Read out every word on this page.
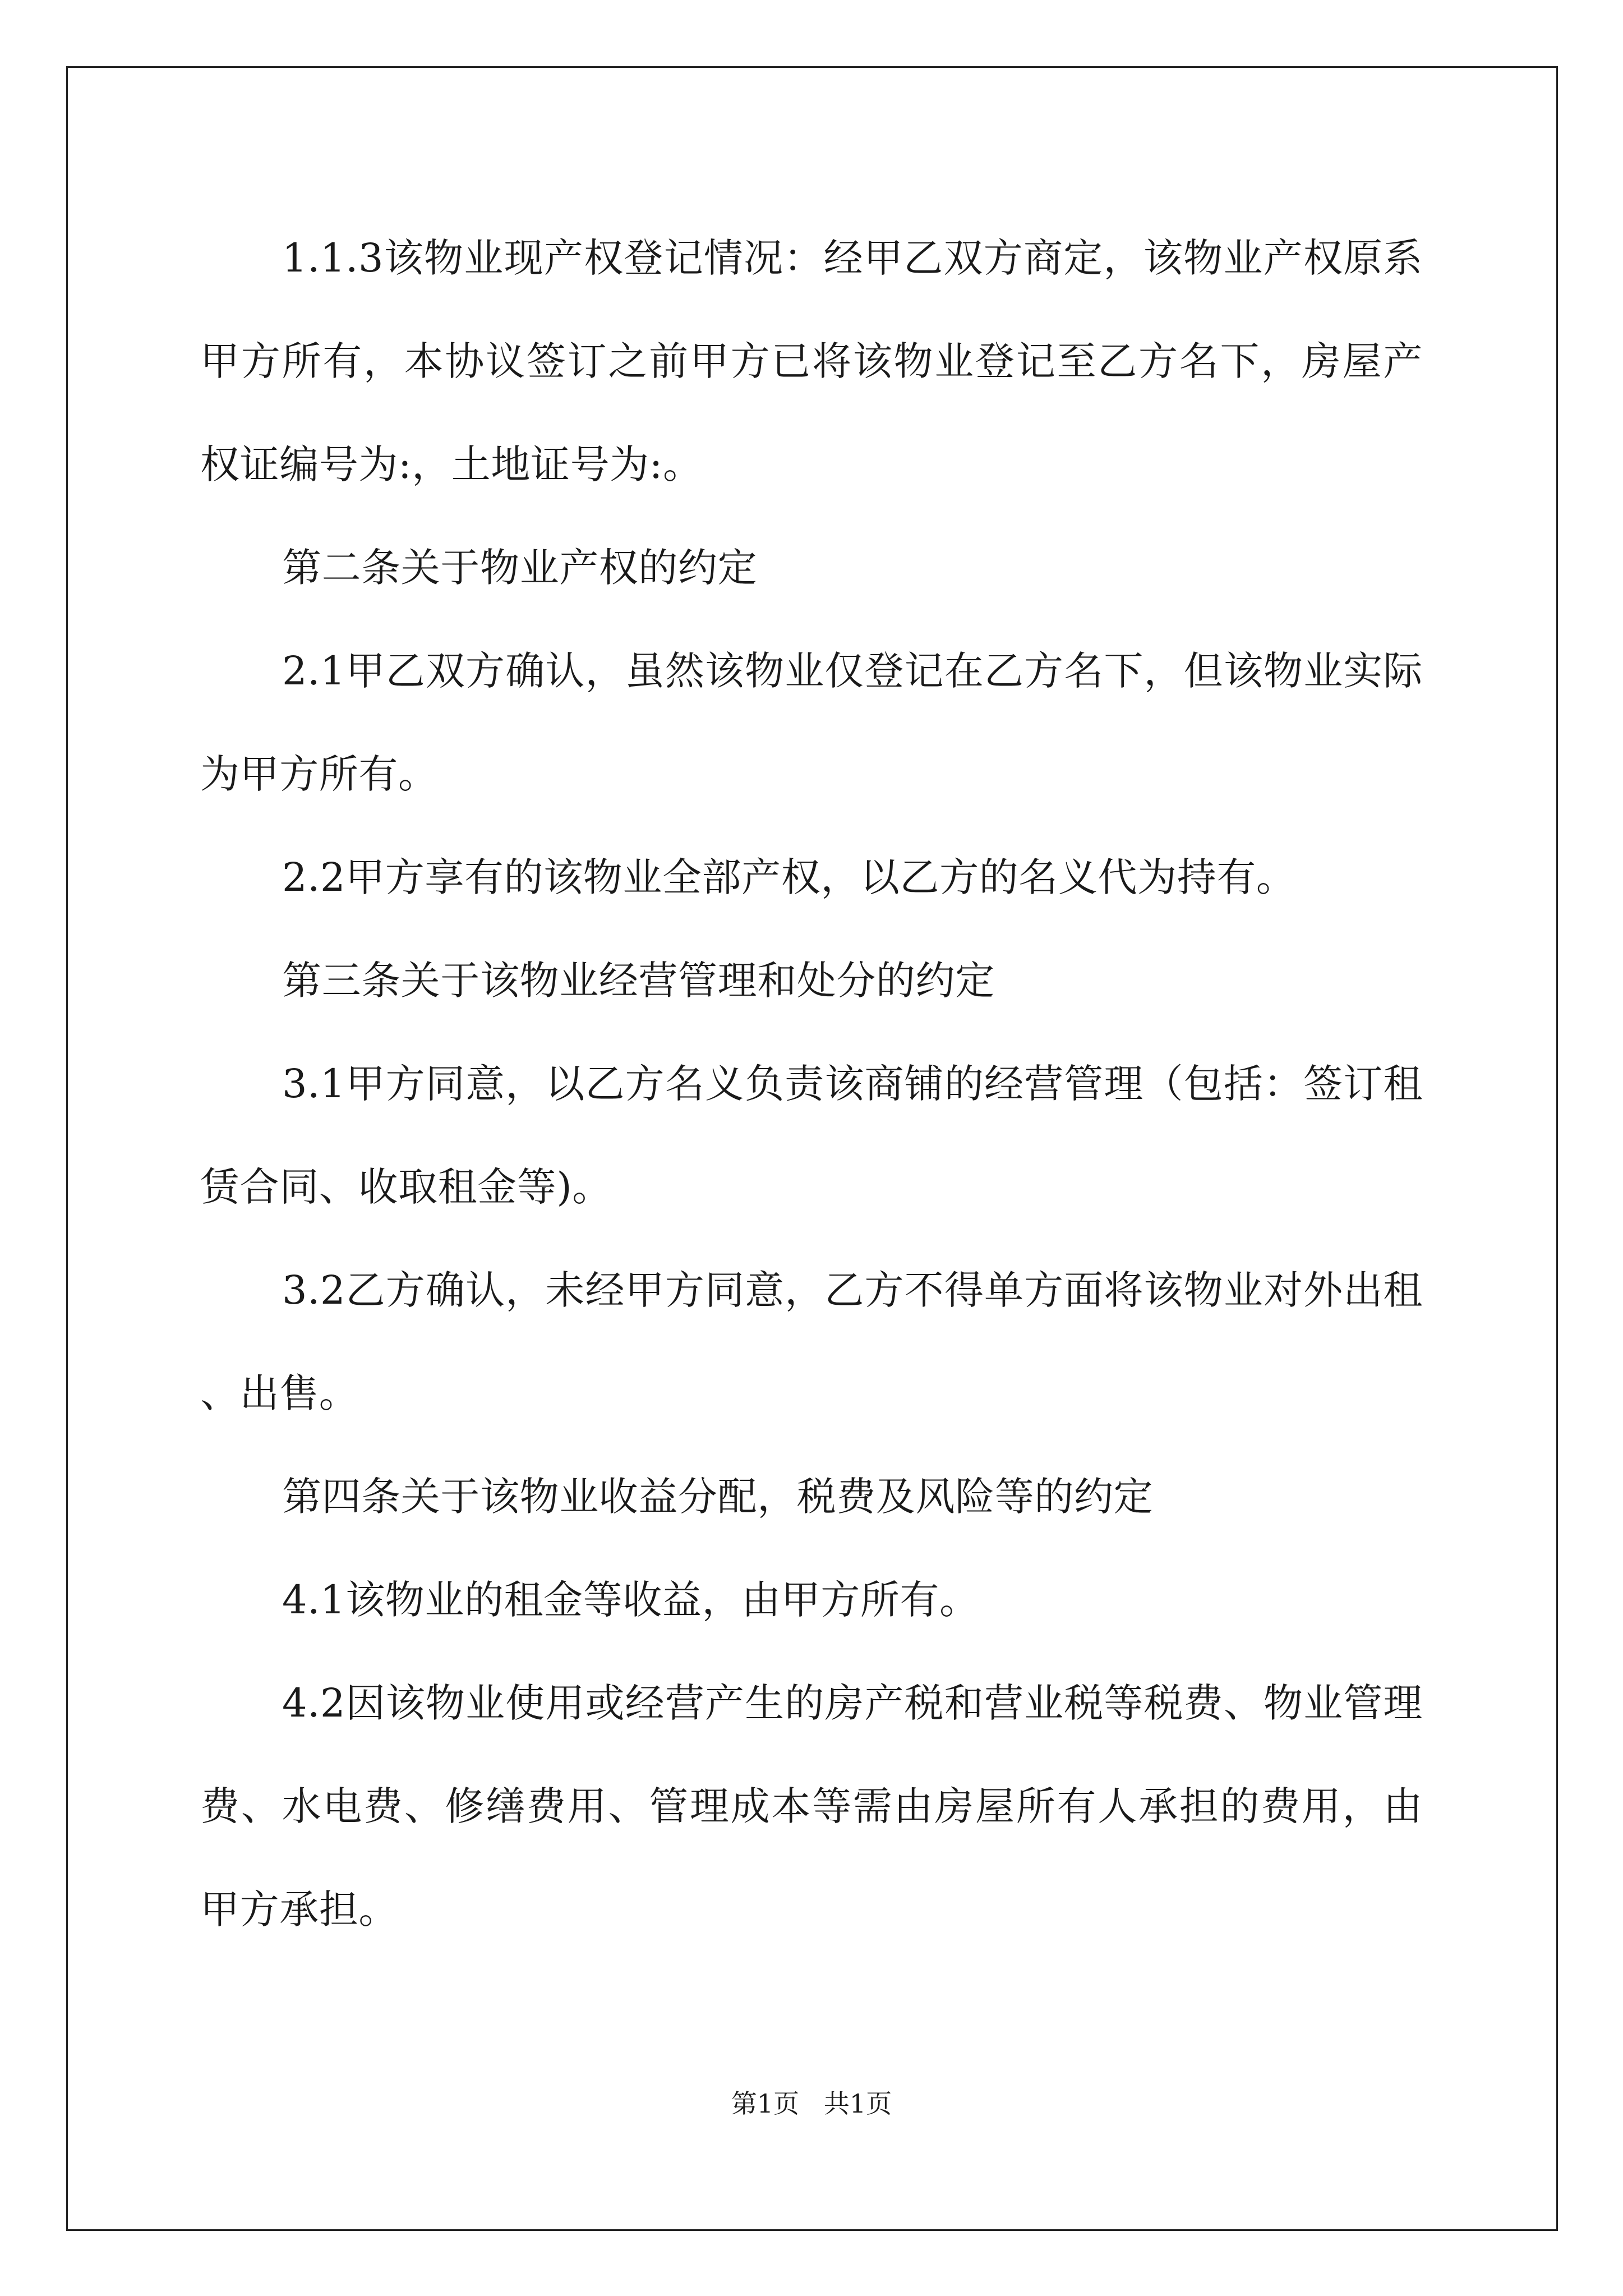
1.1.3该物业现产权登记情况：经甲乙双方商定，该物业产权原系甲方所有，本协议签订之前甲方已将该物业登记至乙方名下，房屋产权证编号为:，土地证号为:。

第二条关于物业产权的约定

2.1甲乙双方确认，虽然该物业仅登记在乙方名下，但该物业实际为甲方所有。

2.2甲方享有的该物业全部产权，以乙方的名义代为持有。

第三条关于该物业经营管理和处分的约定

3.1甲方同意，以乙方名义负责该商铺的经营管理（包括：签订租赁合同、收取租金等)。

3.2乙方确认，未经甲方同意，乙方不得单方面将该物业对外出租、出售。

第四条关于该物业收益分配，税费及风险等的约定

4.1该物业的租金等收益，由甲方所有。

4.2因该物业使用或经营产生的房产税和营业税等税费、物业管理费、水电费、修缮费用、管理成本等需由房屋所有人承担的费用，由甲方承担。

第1页   共1页
